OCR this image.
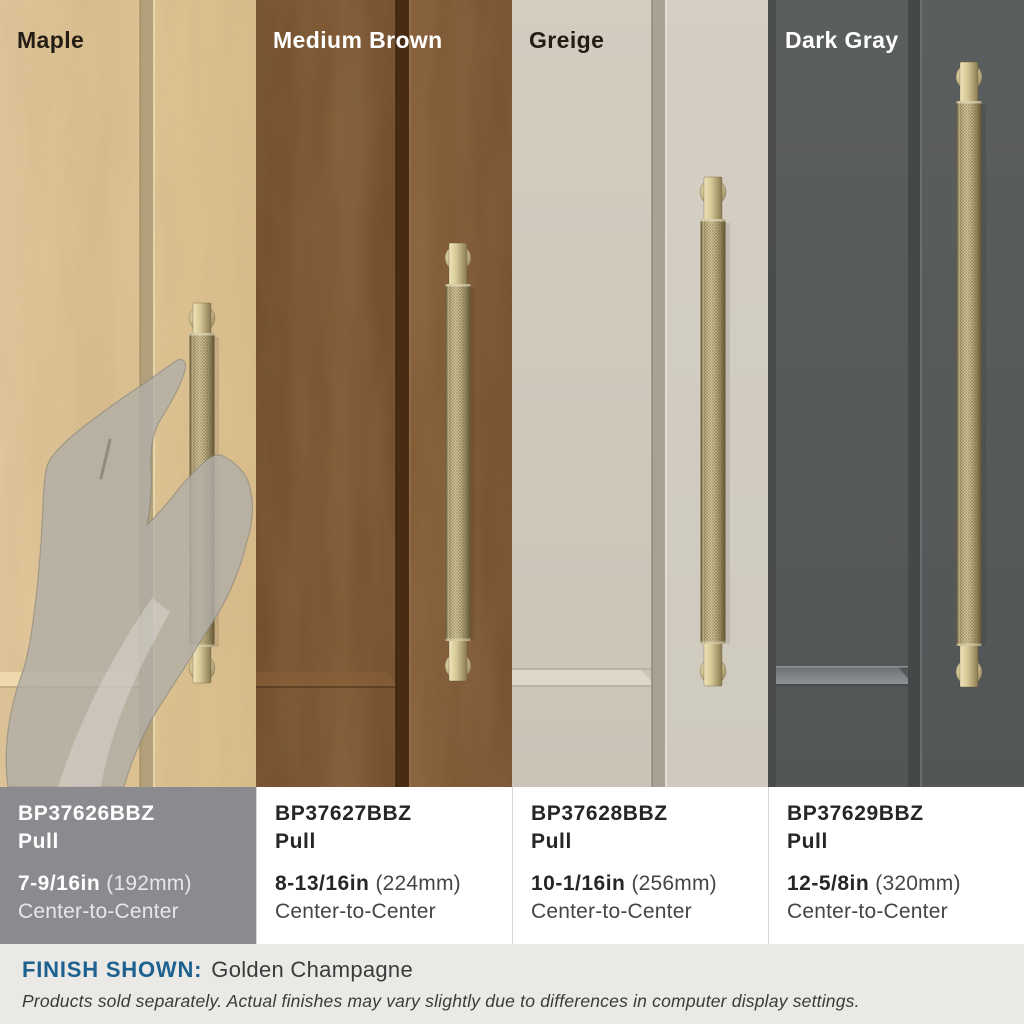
Maple	Medium Brown	Greige	Dark Gray
BP37626BBZ
Pull
7-9/16in (192mm)
Center-to-Center
BP37627BBZ
Pull
8-13/16in (224mm)
Center-to-Center
BP37628BBZ
Pull
10-1/16in (256mm)
Center-to-Center
BP37629BBZ
Pull
12-5/8in (320mm)
Center-to-Center
FINISH SHOWN: Golden Champagne
Products sold separately. Actual finishes may vary slightly due to differences in computer display settings.
